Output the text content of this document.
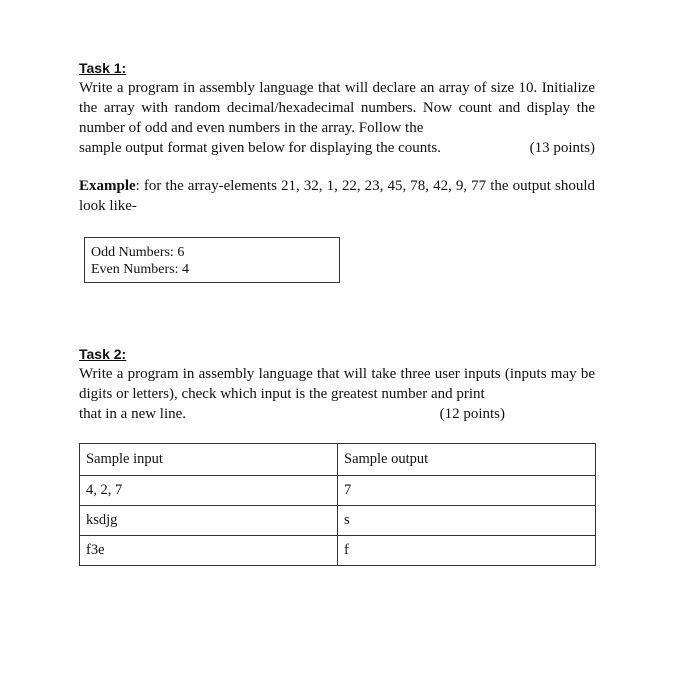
Task 1:

Write a program in assembly language that will declare an array of size 10. Initialize the array with random decimal/hexadecimal numbers. Now count and display the number of odd and even numbers in the array. Follow the

sample output format given below for displaying the counts.	(13 points)
Example: for the array-elements 21, 32, 1, 22, 23, 45, 78, 42, 9, 77 the output should look like-
Odd Numbers: 6
Even Numbers: 4

Task 2:

Write a program in assembly language that will take three user inputs (inputs may be digits or letters), check which input is the greatest number and print

that in a new line.	(12 points)
Sample input	Sample output
4, 2, 7	7
ksdjg	s
f3e	f
